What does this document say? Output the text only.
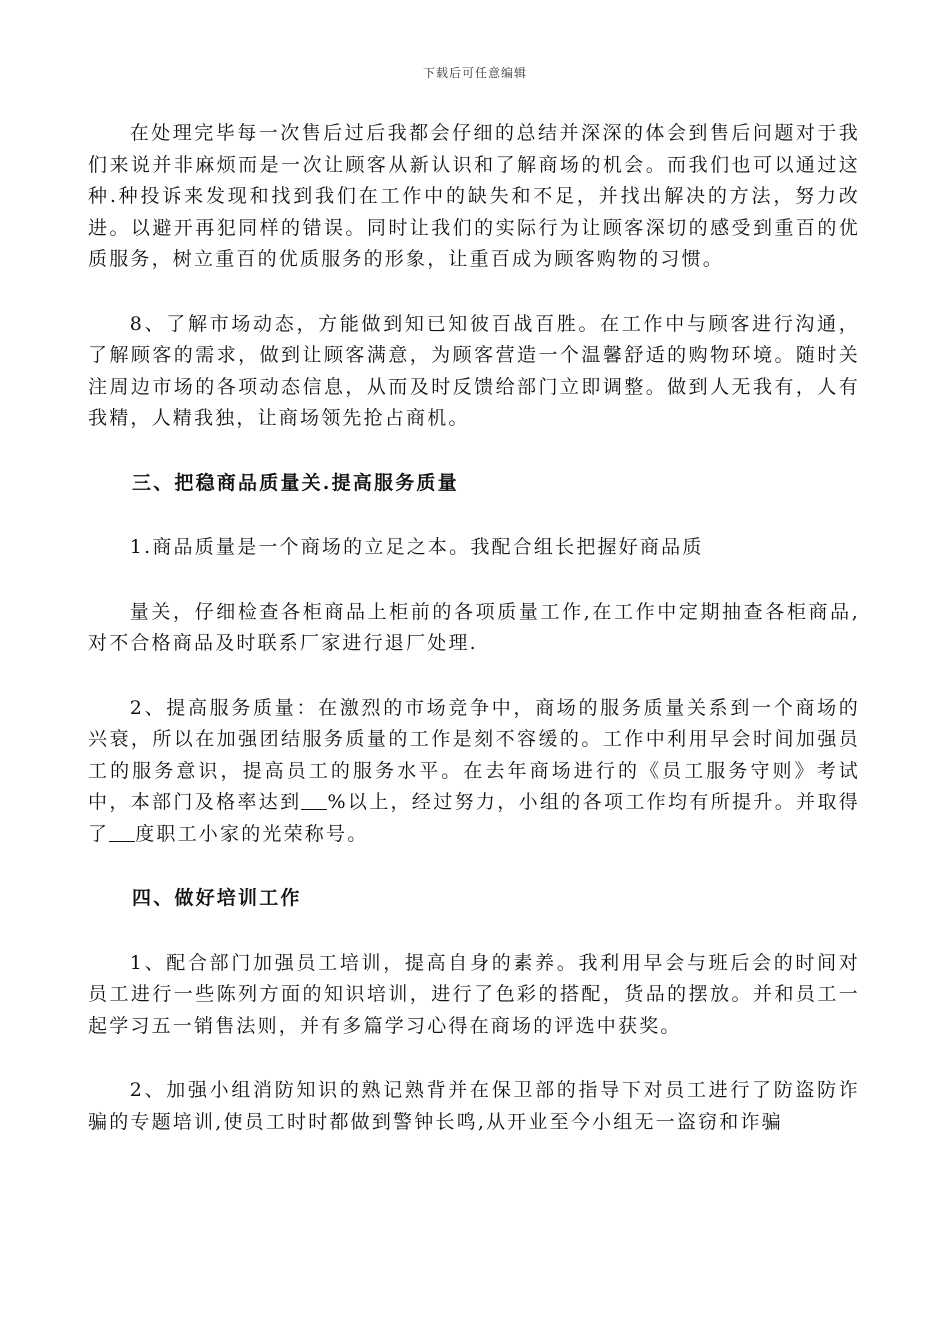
下载后可任意编辑

在处理完毕每一次售后过后我都会仔细的总结并深深的体会到售后问题对于我们来说并非麻烦而是一次让顾客从新认识和了解商场的机会。而我们也可以通过这种.种投诉来发现和找到我们在工作中的缺失和不足，并找出解决的方法，努力改进。以避开再犯同样的错误。同时让我们的实际行为让顾客深切的感受到重百的优质服务，树立重百的优质服务的形象，让重百成为顾客购物的习惯。

8、了解市场动态，方能做到知已知彼百战百胜。在工作中与顾客进行沟通，了解顾客的需求，做到让顾客满意，为顾客营造一个温馨舒适的购物环境。随时关注周边市场的各项动态信息，从而及时反馈给部门立即调整。做到人无我有，人有我精，人精我独，让商场领先抢占商机。

三、把稳商品质量关.提高服务质量

1.商品质量是一个商场的立足之本。我配合组长把握好商品质

量关，仔细检查各柜商品上柜前的各项质量工作,在工作中定期抽查各柜商品,对不合格商品及时联系厂家进行退厂处理.

2、提高服务质量：在激烈的市场竞争中，商场的服务质量关系到一个商场的兴衰，所以在加强团结服务质量的工作是刻不容缓的。工作中利用早会时间加强员工的服务意识，提高员工的服务水平。在去年商场进行的《员工服务守则》考试中，本部门及格率达到 %以上，经过努力，小组的各项工作均有所提升。并取得了 度职工小家的光荣称号。

四、做好培训工作

1、配合部门加强员工培训，提高自身的素养。我利用早会与班后会的时间对员工进行一些陈列方面的知识培训，进行了色彩的搭配，货品的摆放。并和员工一起学习五一销售法则，并有多篇学习心得在商场的评选中获奖。

2、加强小组消防知识的熟记熟背并在保卫部的指导下对员工进行了防盗防诈骗的专题培训,使员工时时都做到警钟长鸣,从开业至今小组无一盗窃和诈骗
